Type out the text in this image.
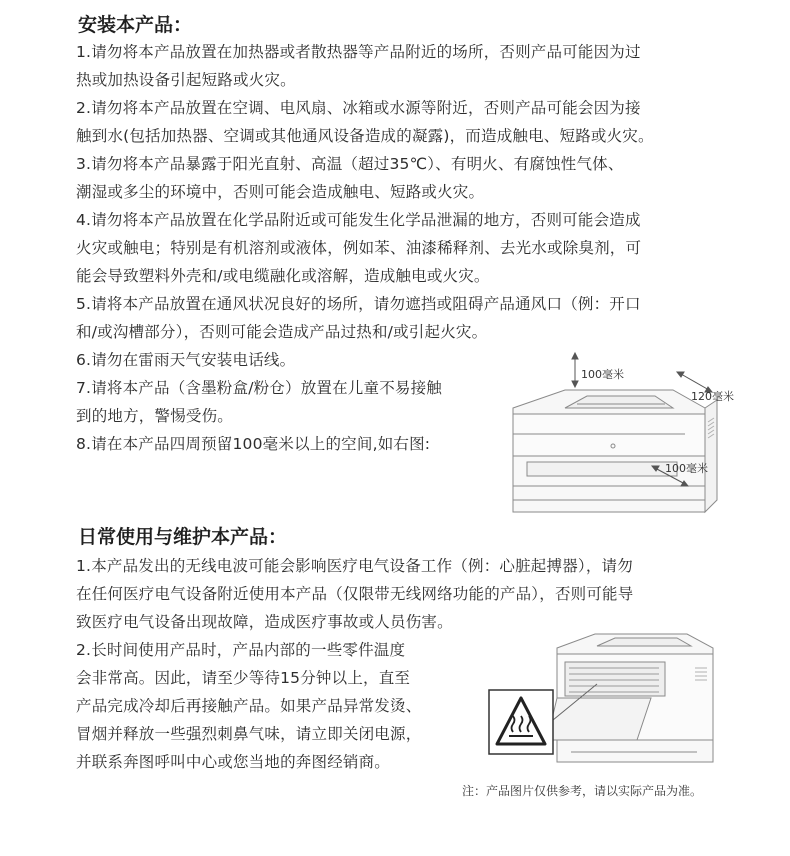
安装本产品：
1.请勿将本产品放置在加热器或者散热器等产品附近的场所，否则产品可能因为过
热或加热设备引起短路或火灾。
2.请勿将本产品放置在空调、电风扇、冰箱或水源等附近，否则产品可能会因为接
触到水(包括加热器、空调或其他通风设备造成的凝露)，而造成触电、短路或火灾。
3.请勿将本产品暴露于阳光直射、高温（超过35℃）、有明火、有腐蚀性气体、
潮湿或多尘的环境中，否则可能会造成触电、短路或火灾。
4.请勿将本产品放置在化学品附近或可能发生化学品泄漏的地方，否则可能会造成
火灾或触电；特别是有机溶剂或液体，例如苯、油漆稀释剂、去光水或除臭剂，可
能会导致塑料外壳和/或电缆融化或溶解，造成触电或火灾。
5.请将本产品放置在通风状况良好的场所，请勿遮挡或阻碍产品通风口（例：开口
和/或沟槽部分），否则可能会造成产品过热和/或引起火灾。
6.请勿在雷雨天气安装电话线。
7.请将本产品（含墨粉盒/粉仓）放置在儿童不易接触
到的地方，警惕受伤。
8.请在本产品四周预留100毫米以上的空间,如右图:
100毫米
120毫米
100毫米
日常使用与维护本产品：
1.本产品发出的无线电波可能会影响医疗电气设备工作（例：心脏起搏器），请勿
在任何医疗电气设备附近使用本产品（仅限带无线网络功能的产品），否则可能导
致医疗电气设备出现故障，造成医疗事故或人员伤害。
2.长时间使用产品时，产品内部的一些零件温度
会非常高。因此，请至少等待15分钟以上，直至
产品完成冷却后再接触产品。如果产品异常发烫、
冒烟并释放一些强烈刺鼻气味，请立即关闭电源，
并联系奔图呼叫中心或您当地的奔图经销商。
注：产品图片仅供参考，请以实际产品为准。
